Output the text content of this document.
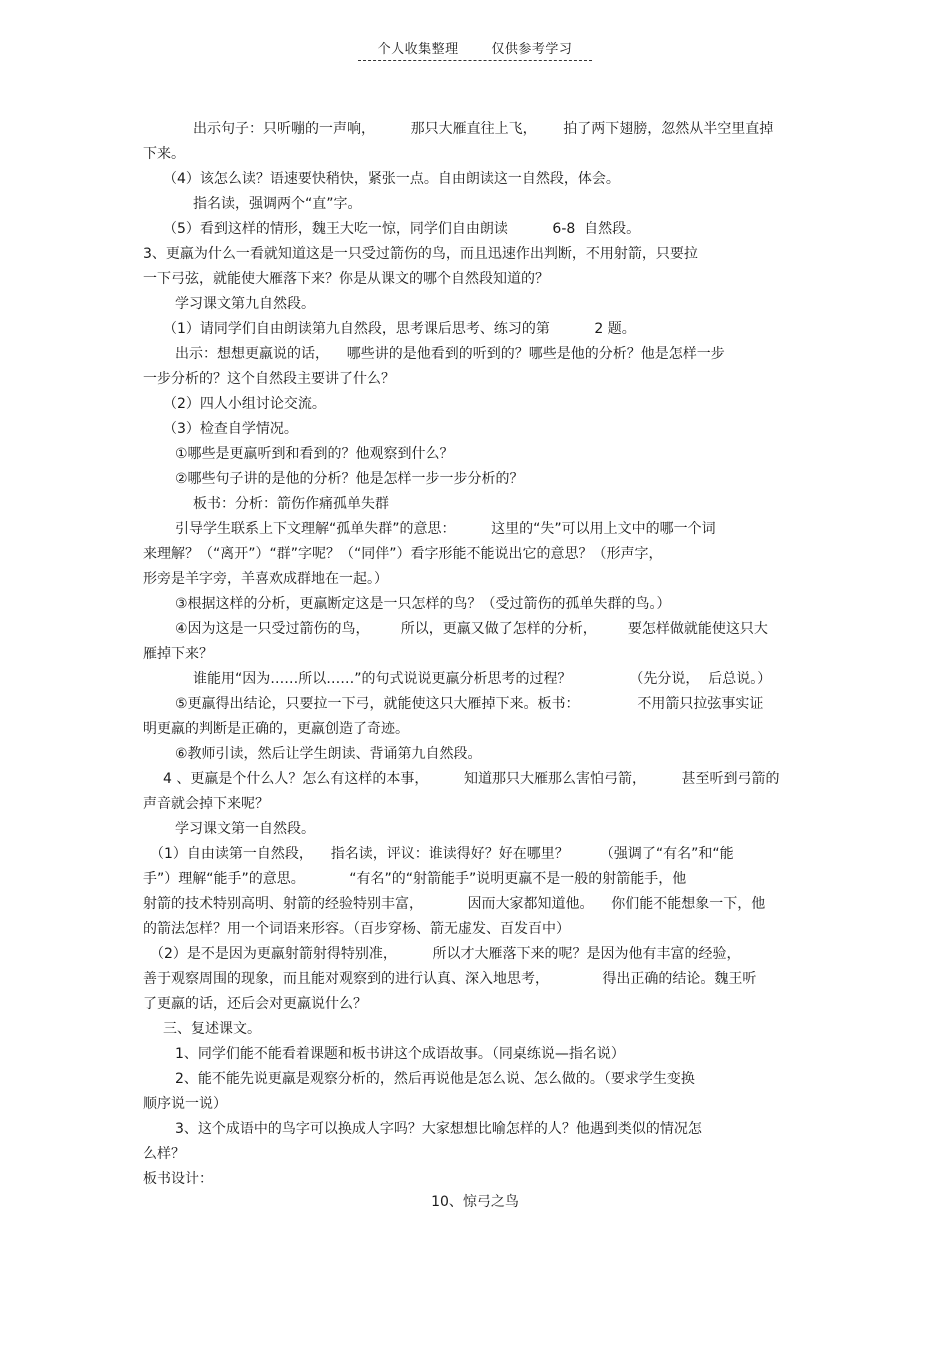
个人收集整理	仅供参考学习
出示句子：只听嘣的一声响，        那只大雁直往上飞，      拍了两下翅膀，忽然从半空里直掉
下来。
（4）该怎么读？语速要快稍快，紧张一点。自由朗读这一自然段，体会。
指名读，强调两个“直”字。
（5）看到这样的情形，魏王大吃一惊，同学们自由朗读          6-8  自然段。
3、更羸为什么一看就知道这是一只受过箭伤的鸟，而且迅速作出判断，不用射箭，只要拉
一下弓弦，就能使大雁落下来？你是从课文的哪个自然段知道的？
学习课文第九自然段。
（1）请同学们自由朗读第九自然段，思考课后思考、练习的第          2 题。
出示：想想更羸说的话，    哪些讲的是他看到的听到的？哪些是他的分析？他是怎样一步
一步分析的？这个自然段主要讲了什么？
（2）四人小组讨论交流。
（3）检查自学情况。
①哪些是更羸听到和看到的？他观察到什么？
②哪些句子讲的是他的分析？他是怎样一步一步分析的？
板书：分析：箭伤作痛孤单失群
引导学生联系上下文理解“孤单失群”的意思：        这里的“失”可以用上文中的哪一个词
来理解？（“离开”）“群”字呢？（“同伴”）看字形能不能说出它的意思？（形声字，
形旁是羊字旁，羊喜欢成群地在一起。）
③根据这样的分析，更羸断定这是一只怎样的鸟？（受过箭伤的孤单失群的鸟。）
④因为这是一只受过箭伤的鸟，       所以，更羸又做了怎样的分析，       要怎样做就能使这只大
雁掉下来？
谁能用“因为……所以……”的句式说说更羸分析思考的过程？             （先分说，  后总说。）
⑤更羸得出结论，只要拉一下弓，就能使这只大雁掉下来。板书：             不用箭只拉弦事实证
明更羸的判断是正确的，更羸创造了奇迹。
⑥教师引读，然后让学生朗读、背诵第九自然段。
4 、更羸是个什么人？怎么有这样的本事，        知道那只大雁那么害怕弓箭，        甚至听到弓箭的
声音就会掉下来呢？
学习课文第一自然段。
（1）自由读第一自然段，    指名读，评议：谁读得好？好在哪里？       （强调了“有名”和“能
手”）理解“能手”的意思。          “有名”的“射箭能手”说明更羸不是一般的射箭能手，他
射箭的技术特别高明、射箭的经验特别丰富，          因而大家都知道他。    你们能不能想象一下，他
的箭法怎样？用一个词语来形容。（百步穿杨、箭无虚发、百发百中）
（2）是不是因为更羸射箭射得特别准，        所以才大雁落下来的呢？是因为他有丰富的经验，
善于观察周围的现象，而且能对观察到的进行认真、深入地思考，            得出正确的结论。魏王听
了更羸的话，还后会对更羸说什么？
三、复述课文。
1、同学们能不能看着课题和板书讲这个成语故事。（同桌练说—指名说）
2、能不能先说更羸是观察分析的，然后再说他是怎么说、怎么做的。（要求学生变换
顺序说一说）
3、这个成语中的鸟字可以换成人字吗？大家想想比喻怎样的人？他遇到类似的情况怎
么样？
板书设计：
10、惊弓之鸟
